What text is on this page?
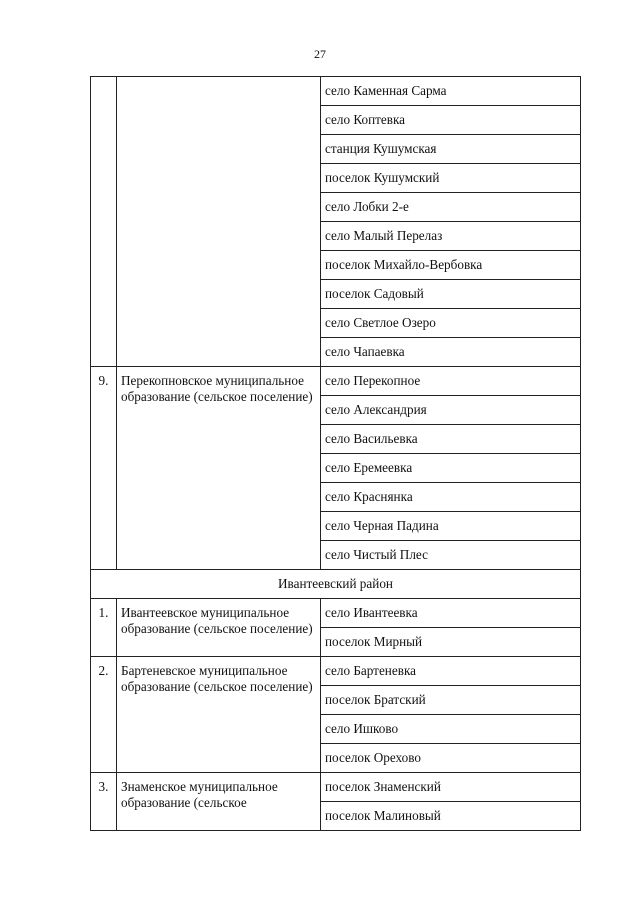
27
		село Каменная Сарма
		село Коптевка
		станция Кушумская
		поселок Кушумский
		село Лобки 2-е
		село Малый Перелаз
		поселок Михайло-Вербовка
		поселок Садовый
		село Светлое Озеро
		село Чапаевка
9.	Перекопновское муниципальное образование (сельское поселение)	село Перекопное
		село Александрия
		село Васильевка
		село Еремеевка
		село Краснянка
		село Черная Падина
		село Чистый Плес
Ивантеевский район		
1.	Ивантеевское муниципальное образование (сельское поселение)	село Ивантеевка
		поселок Мирный
2.	Бартеневское муниципальное образование (сельское поселение)	село Бартеневка
		поселок Братский
		село Ишково
		поселок Орехово
3.	Знаменское муниципальное образование (сельское	поселок Знаменский
		поселок Малиновый
